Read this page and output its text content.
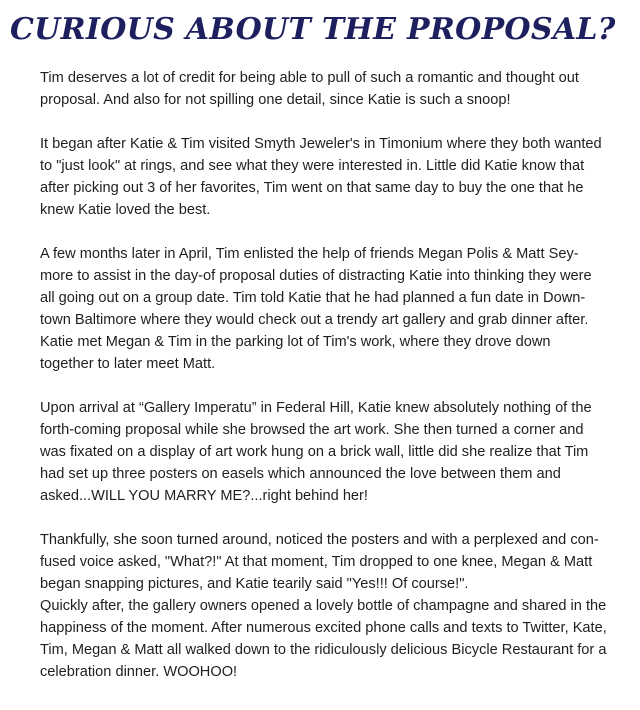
CURIOUS ABOUT THE PROPOSAL?

Tim deserves a lot of credit for being able to pull of such a romantic and thought out
proposal. And also for not spilling one detail, since Katie is such a snoop!

It began after Katie & Tim visited Smyth Jeweler's in Timonium where they both wanted
to "just look" at rings, and see what they were interested in. Little did Katie know that
after picking out 3 of her favorites, Tim went on that same day to buy the one that he
knew Katie loved the best.

A few months later in April, Tim enlisted the help of friends Megan Polis & Matt Sey-
more to assist in the day-of proposal duties of distracting Katie into thinking they were
all going out on a group date. Tim told Katie that he had planned a fun date in Down-
town Baltimore where they would check out a trendy art gallery and grab dinner after.
Katie met Megan & Tim in the parking lot of Tim's work, where they drove down
together to later meet Matt.

Upon arrival at “Gallery Imperatu” in Federal Hill, Katie knew absolutely nothing of the
forth-coming proposal while she browsed the art work. She then turned a corner and
was fixated on a display of art work hung on a brick wall, little did she realize that Tim
had set up three posters on easels which announced the love between them and
asked...WILL YOU MARRY ME?...right behind her!

Thankfully, she soon turned around, noticed the posters and with a perplexed and con-
fused voice asked, "What?!" At that moment, Tim dropped to one knee, Megan & Matt
began snapping pictures, and Katie tearily said "Yes!!! Of course!".

Quickly after, the gallery owners opened a lovely bottle of champagne and shared in the
happiness of the moment. After numerous excited phone calls and texts to Twitter, Kate,
Tim, Megan & Matt all walked down to the ridiculously delicious Bicycle Restaurant for a
celebration dinner. WOOHOO!
